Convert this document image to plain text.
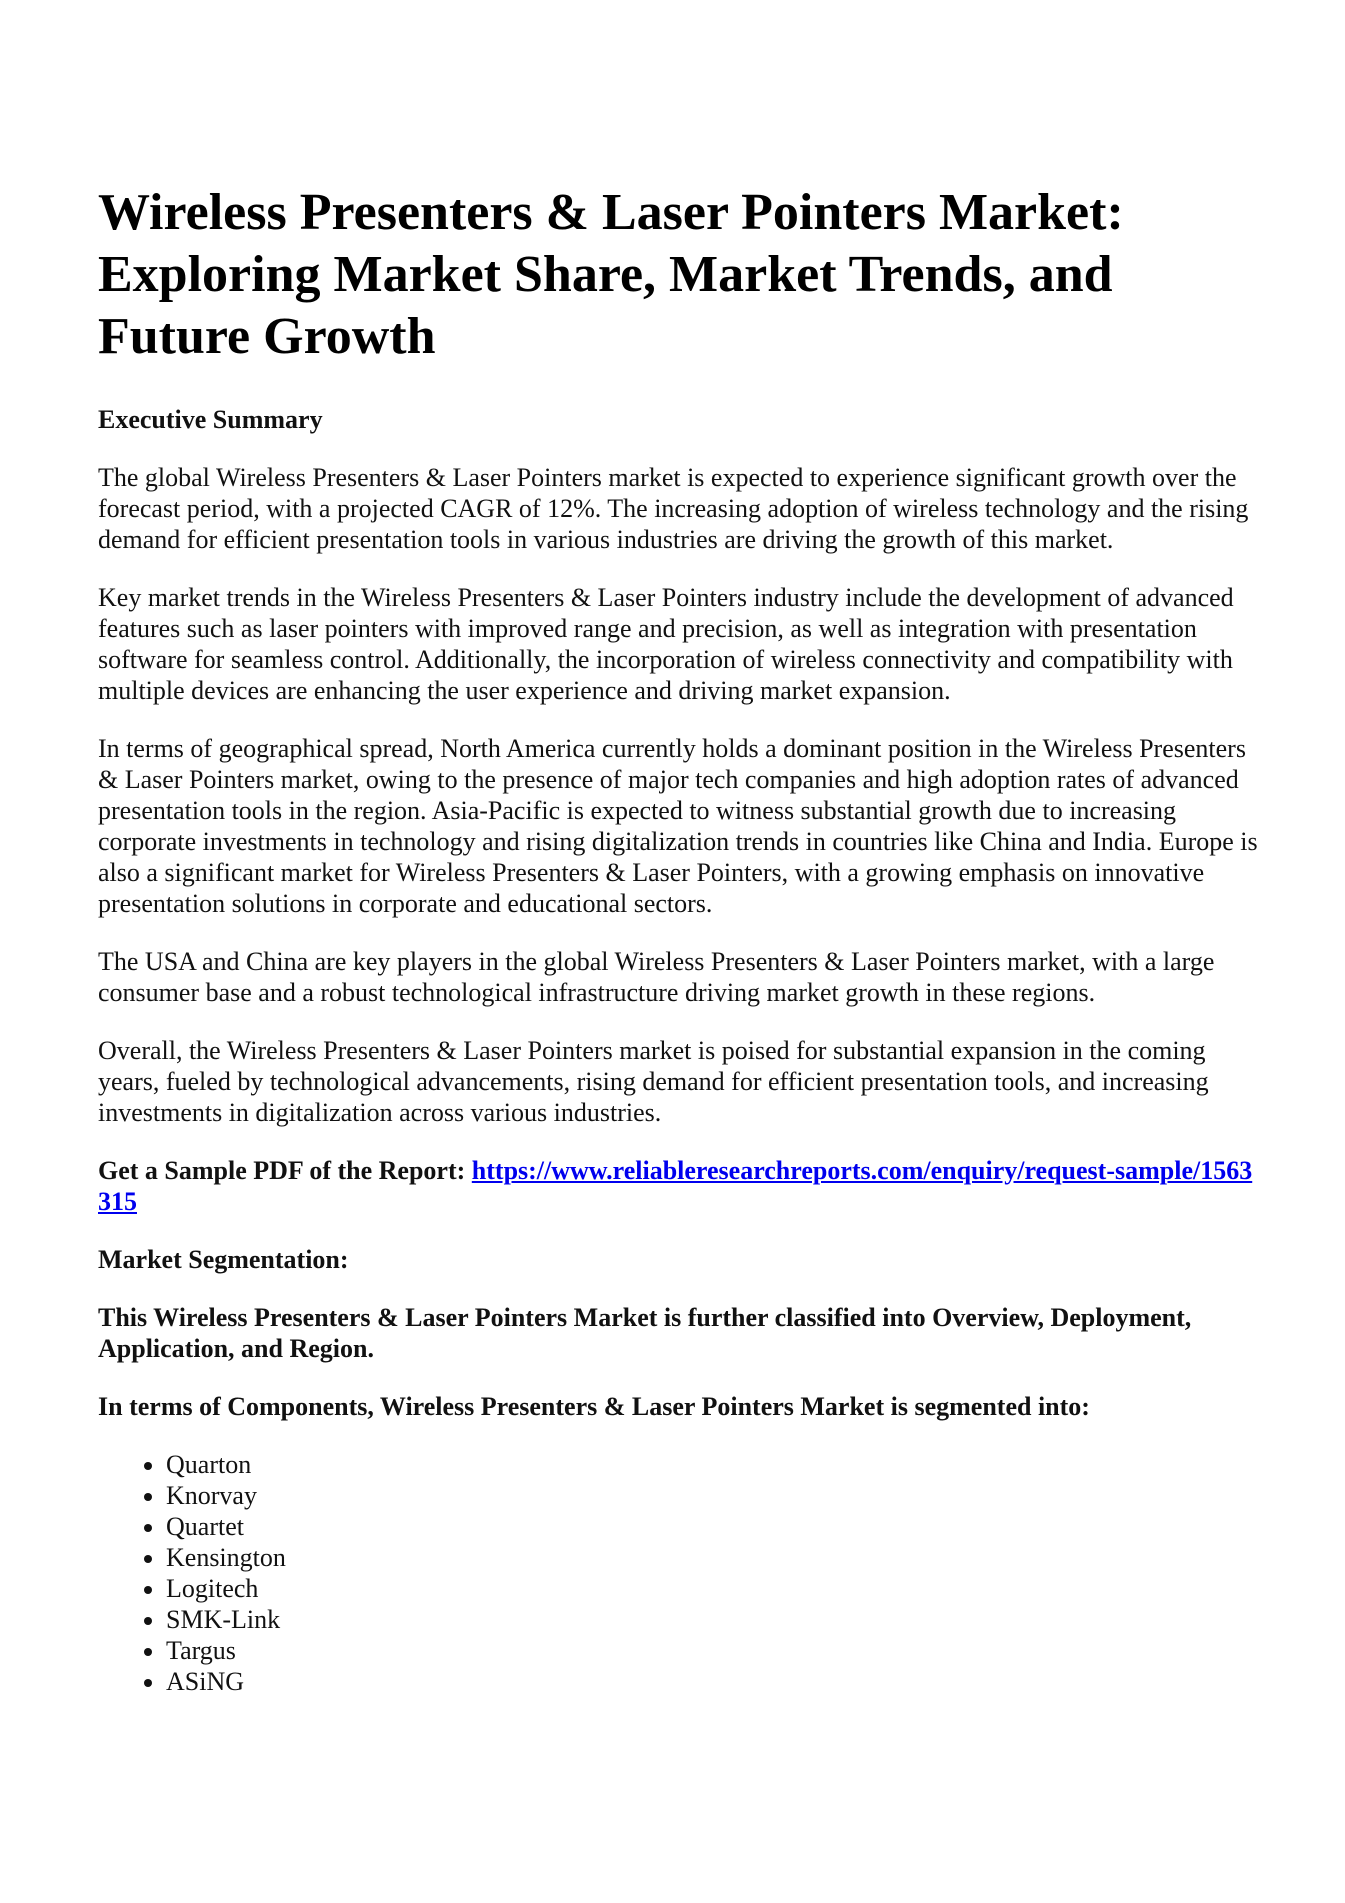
Wireless Presenters & Laser Pointers Market: Exploring Market Share, Market Trends, and Future Growth
Executive Summary

The global Wireless Presenters & Laser Pointers market is expected to experience significant growth over the forecast period, with a projected CAGR of 12%. The increasing adoption of wireless technology and the rising demand for efficient presentation tools in various industries are driving the growth of this market.

Key market trends in the Wireless Presenters & Laser Pointers industry include the development of advanced features such as laser pointers with improved range and precision, as well as integration with presentation software for seamless control. Additionally, the incorporation of wireless connectivity and compatibility with multiple devices are enhancing the user experience and driving market expansion.

In terms of geographical spread, North America currently holds a dominant position in the Wireless Presenters & Laser Pointers market, owing to the presence of major tech companies and high adoption rates of advanced presentation tools in the region. Asia-Pacific is expected to witness substantial growth due to increasing corporate investments in technology and rising digitalization trends in countries like China and India. Europe is also a significant market for Wireless Presenters & Laser Pointers, with a growing emphasis on innovative presentation solutions in corporate and educational sectors.

The USA and China are key players in the global Wireless Presenters & Laser Pointers market, with a large consumer base and a robust technological infrastructure driving market growth in these regions.

Overall, the Wireless Presenters & Laser Pointers market is poised for substantial expansion in the coming years, fueled by technological advancements, rising demand for efficient presentation tools, and increasing investments in digitalization across various industries.

Get a Sample PDF of the Report: https://www.reliableresearchreports.com/enquiry/request-sample/1563315
Market Segmentation:
This Wireless Presenters & Laser Pointers Market is further classified into Overview, Deployment, Application, and Region.
In terms of Components, Wireless Presenters & Laser Pointers Market is segmented into:
• Quarton
• Knorvay
• Quartet
• Kensington
• Logitech
• SMK-Link
• Targus
• ASiNG
